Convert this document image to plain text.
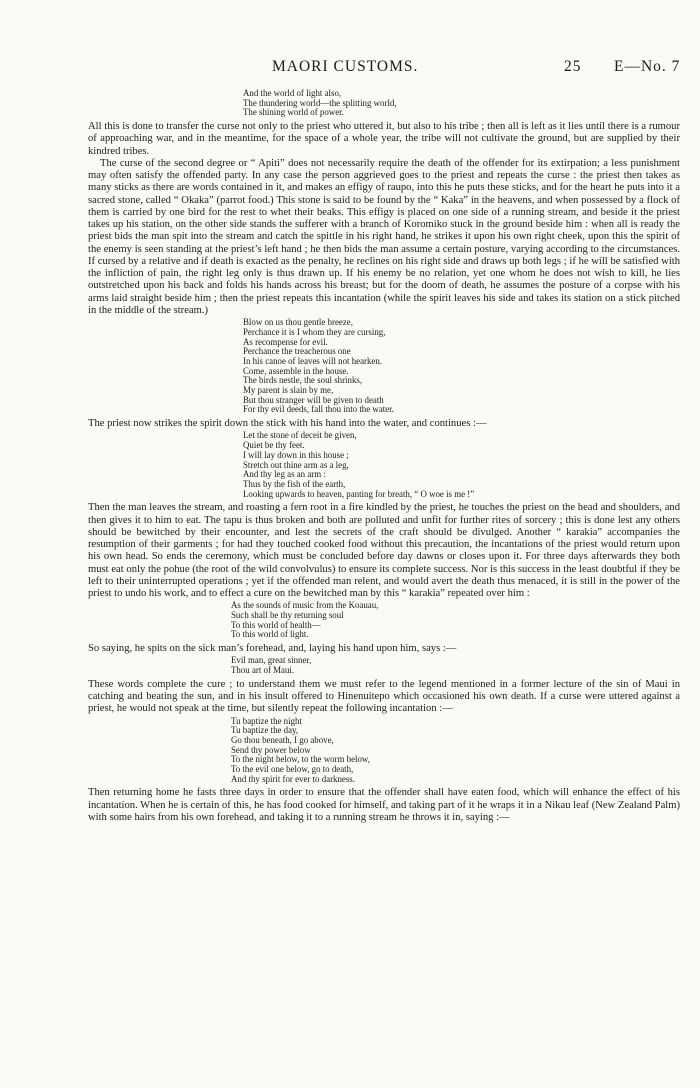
MAORI CUSTOMS.	25 E—No. 7
And the world of light also,
The thundering world—the splitting world,
The shining world of power.

All this is done to transfer the curse not only to the priest who uttered it, but also to his tribe ; then all is left as it lies until there is a rumour of approaching war, and in the meantime, for the space of a whole year, the tribe will not cultivate the ground, but are supplied by their kindred tribes.

The curse of the second degree or “ Apiti” does not necessarily require the death of the offender for its extirpation; a less punishment may often satisfy the offended party. In any case the person aggrieved goes to the priest and repeats the curse : the priest then takes as many sticks as there are words contained in it, and makes an effigy of raupo, into this he puts these sticks, and for the heart he puts into it a sacred stone, called “ Okaka” (parrot food.) This stone is said to be found by the “ Kaka” in the heavens, and when possessed by a flock of them is carried by one bird for the rest to whet their beaks. This effigy is placed on one side of a running stream, and beside it the priest takes up his station, on the other side stands the sufferer with a branch of Koromiko stuck in the ground beside him : when all is ready the priest bids the man spit into the stream and catch the spittle in his right hand, he strikes it upon his own right cheek, upon this the spirit of the enemy is seen standing at the priest’s left hand ; he then bids the man assume a certain posture, varying according to the circumstances. If cursed by a relative and if death is exacted as the penalty, he reclines on his right side and draws up both legs ; if he will be satisfied with the infliction of pain, the right leg only is thus drawn up. If his enemy be no relation, yet one whom he does not wish to kill, he lies outstretched upon his back and folds his hands across his breast; but for the doom of death, he assumes the posture of a corpse with his arms laid straight beside him ; then the priest repeats this incantation (while the spirit leaves his side and takes its station on a stick pitched in the middle of the stream.)

Blow on us thou gentle breeze,
Perchance it is I whom they are cursing,
As recompense for evil.
Perchance the treacherous one
In his canoe of leaves will not hearken.
Come, assemble in the house.
The birds nestle, the soul shrinks,
My parent is slain by me,
But thou stranger will be given to death
For thy evil deeds, fall thou into the water.

The priest now strikes the spirit down the stick with his hand into the water, and continues :—

Let the stone of deceit be given,
Quiet be thy feet.
I will lay down in this house ;
Stretch out thine arm as a leg,
And thy leg as an arm :
Thus by the fish of the earth,
Looking upwards to heaven, panting for breath, “ O woe is me !”

Then the man leaves the stream, and roasting a fern root in a fire kindled by the priest, he touches the priest on the head and shoulders, and then gives it to him to eat. The tapu is thus broken and both are polluted and unfit for further rites of sorcery ; this is done lest any others should be bewitched by their encounter, and lest the secrets of the craft should be divulged. Another “ karakia” accompanies the resumption of their garments ; for had they touched cooked food without this precaution, the incantations of the priest would return upon his own head. So ends the ceremony, which must be concluded before day dawns or closes upon it. For three days afterwards they both must eat only the pohue (the root of the wild convolvulus) to ensure its complete success. Nor is this success in the least doubtful if they be left to their uninterrupted operations ; yet if the offended man relent, and would avert the death thus menaced, it is still in the power of the priest to undo his work, and to effect a cure on the bewitched man by this “ karakia” repeated over him :

As the sounds of music from the Koauau,
Such shall be thy returning soul
To this world of health—
To this world of light.

So saying, he spits on the sick man’s forehead, and, laying his hand upon him, says :—

Evil man, great sinner,
Thou art of Maui.

These words complete the cure ; to understand them we must refer to the legend mentioned in a former lecture of the sin of Maui in catching and beating the sun, and in his insult offered to Hinenuitepo which occasioned his own death. If a curse were uttered against a priest, he would not speak at the time, but silently repeat the following incantation :—

Tu baptize the night
Tu baptize the day,
Go thou beneath, I go above,
Send thy power below
To the night below, to the worm below,
To the evil one below, go to death,
And thy spirit for ever to darkness.

Then returning home he fasts three days in order to ensure that the offender shall have eaten food, which will enhance the effect of his incantation. When he is certain of this, he has food cooked for himself, and taking part of it he wraps it in a Nikau leaf (New Zealand Palm) with some hairs from his own forehead, and taking it to a running stream he throws it in, saying :—
